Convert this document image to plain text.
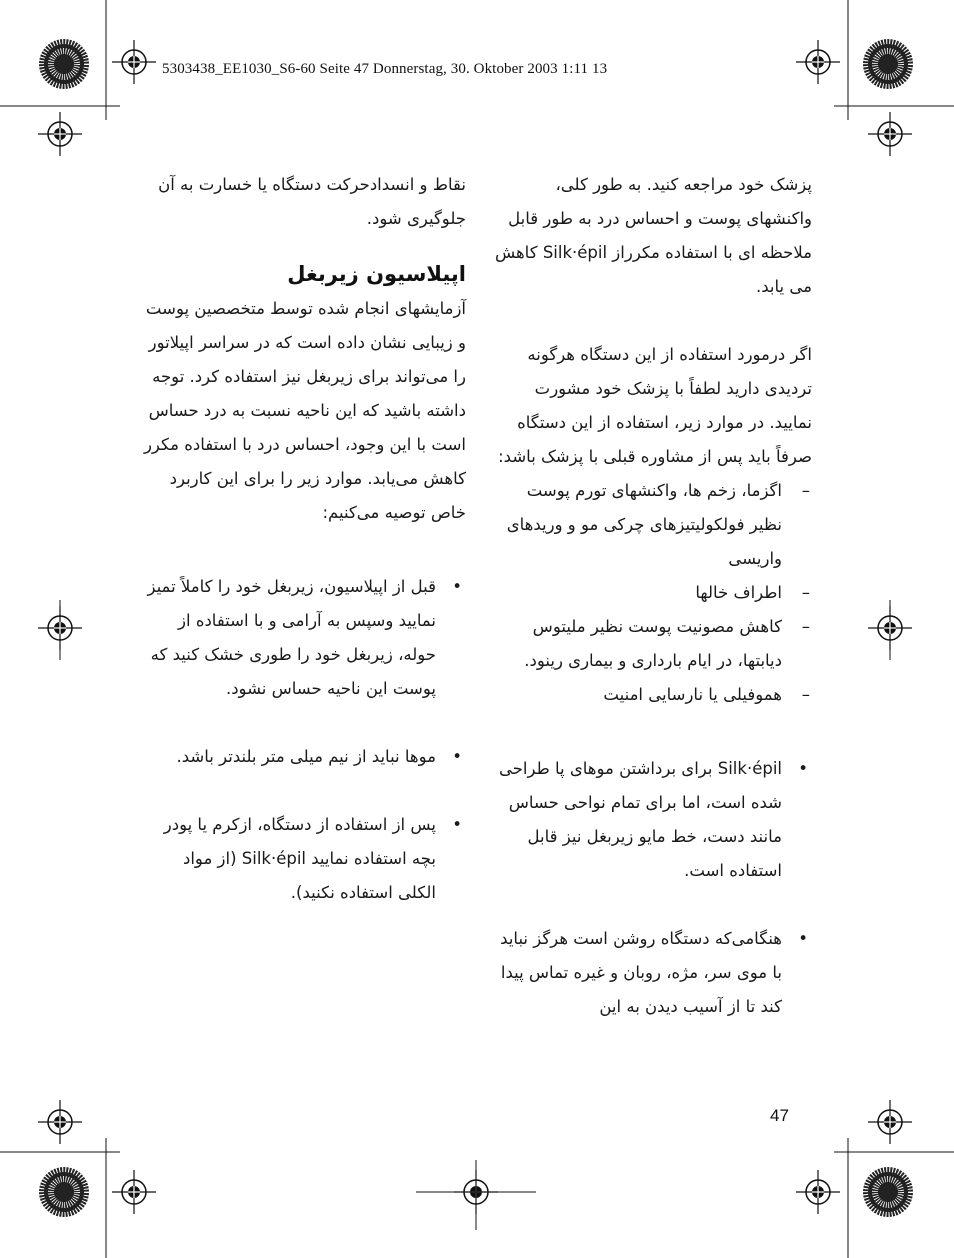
5303438_EE1030_S6-60 Seite 47 Donnerstag, 30. Oktober 2003 1:11 13

پزشک خود مراجعه کنید. به طور کلی، واکنشهای پوست و احساس درد به طور قابل ملاحظه ای با استفاده مکرراز Silk·épil کاهش می یابد.

اگر درمورد استفاده از این دستگاه هرگونه تردیدی دارید لطفاً با پزشک خود مشورت نمایید. در موارد زیر، استفاده از این دستگاه صرفاً باید پس از مشاوره قبلی با پزشک باشد:

–
اگزما، زخم ها، واکنشهای تورم پوست نظیر فولکولیتیزهای چرکی مو و وریدهای واریسی
–
اطراف خالها
–
کاهش مصونیت پوست نظیر ملیتوس دیابتها، در ایام بارداری و بیماری رینود.
–
هموفیلی یا نارسایی امنیت
•
Silk·épil برای برداشتن موهای پا طراحی شده است، اما برای تمام نواحی حساس مانند دست، خط مایو زیربغل نیز قابل استفاده است.
•
هنگامی‌که دستگاه روشن است هرگز نباید با موی سر، مژه، روبان و غیره تماس پیدا کند تا از آسیب دیدن به این

نقاط و انسدادحرکت دستگاه یا خسارت به آن جلوگیری شود.

اپیلاسیون زیربغل

آزمایشهای انجام شده توسط متخصصین پوست و زیبایی نشان داده است که در سراسر اپیلاتور را می‌تواند برای زیربغل نیز استفاده کرد. توجه داشته باشید که این ناحیه نسبت به درد حساس است با این وجود، احساس درد با استفاده مکرر کاهش می‌یابد. موارد زیر را برای این کاربرد خاص توصیه می‌کنیم:

•
قبل از اپیلاسیون، زیربغل خود را کاملاً تمیز نمایید وسپس به آرامی و با استفاده از حوله، زیربغل خود را طوری خشک کنید که پوست این ناحیه حساس نشود.
•
موها نباید از نیم میلی متر بلندتر باشد.
•
پس از استفاده از دستگاه، ازکرم یا پودر بچه استفاده نمایید Silk·épil (از مواد الکلی استفاده نکنید).
47
